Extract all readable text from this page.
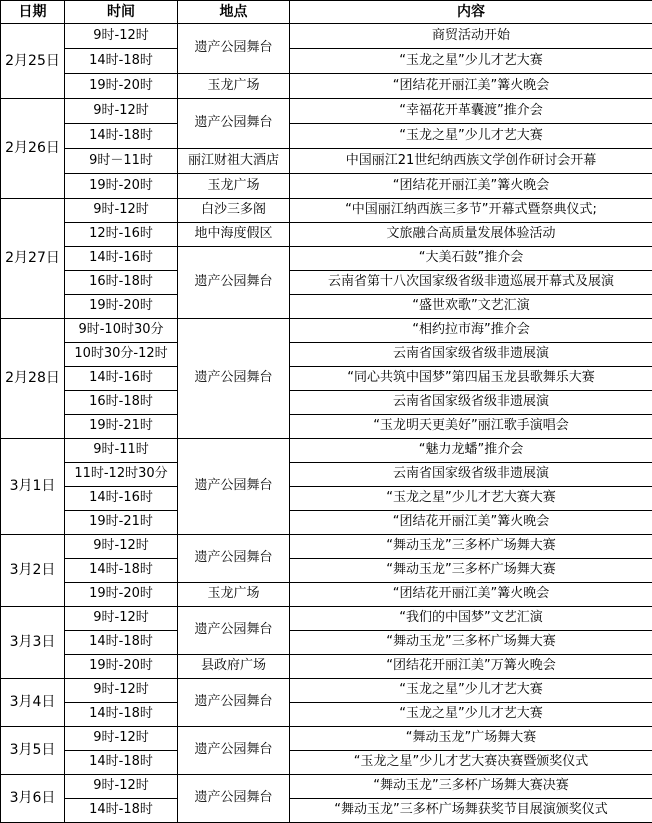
日期	时间	地点	内容
2月25日	9时-12时	遗产公园舞台	商贸活动开始
	14时-18时		“玉龙之星”少儿才艺大赛
	19时-20时	玉龙广场	“团结花开丽江美”篝火晚会
2月26日	9时-12时	遗产公园舞台	“幸福花开革囊渡”推介会
	14时-18时		“玉龙之星”少儿才艺大赛
	9时－11时	丽江财祖大酒店	中国丽江21世纪纳西族文学创作研讨会开幕
	19时-20时	玉龙广场	“团结花开丽江美”篝火晚会
2月27日	9时-12时	白沙三多阁	“中国丽江纳西族三多节”开幕式暨祭典仪式;
	12时-16时	地中海度假区	文旅融合高质量发展体验活动
	14时-16时	遗产公园舞台	“大美石鼓”推介会
	16时-18时		云南省第十八次国家级省级非遗巡展开幕式及展演
	19时-20时		“盛世欢歌”文艺汇演
2月28日	9时-10时30分	遗产公园舞台	“相约拉市海”推介会
	10时30分-12时		云南省国家级省级非遗展演
	14时-16时		“同心共筑中国梦”第四届玉龙县歌舞乐大赛
	16时-18时		云南省国家级省级非遗展演
	19时-21时		“玉龙明天更美好”丽江歌手演唱会
3月1日	9时-11时	遗产公园舞台	“魅力龙蟠”推介会
	11时-12时30分		云南省国家级省级非遗展演
	14时-16时		“玉龙之星”少儿才艺大赛大赛
	19时-21时		“团结花开丽江美”篝火晚会
3月2日	9时-12时	遗产公园舞台	“舞动玉龙”三多杯广场舞大赛
	14时-18时		“舞动玉龙”三多杯广场舞大赛
	19时-20时	玉龙广场	“团结花开丽江美”篝火晚会
3月3日	9时-12时	遗产公园舞台	“我们的中国梦”文艺汇演
	14时-18时		“舞动玉龙”三多杯广场舞大赛
	19时-20时	县政府广场	“团结花开丽江美”万篝火晚会
3月4日	9时-12时	遗产公园舞台	“玉龙之星”少儿才艺大赛
	14时-18时		“玉龙之星”少儿才艺大赛
3月5日	9时-12时	遗产公园舞台	“舞动玉龙”广场舞大赛
	14时-18时		“玉龙之星”少儿才艺大赛决赛暨颁奖仪式
3月6日	9时-12时	遗产公园舞台	“舞动玉龙”三多杯广场舞大赛决赛
	14时-18时		“舞动玉龙”三多杯广场舞获奖节目展演颁奖仪式
